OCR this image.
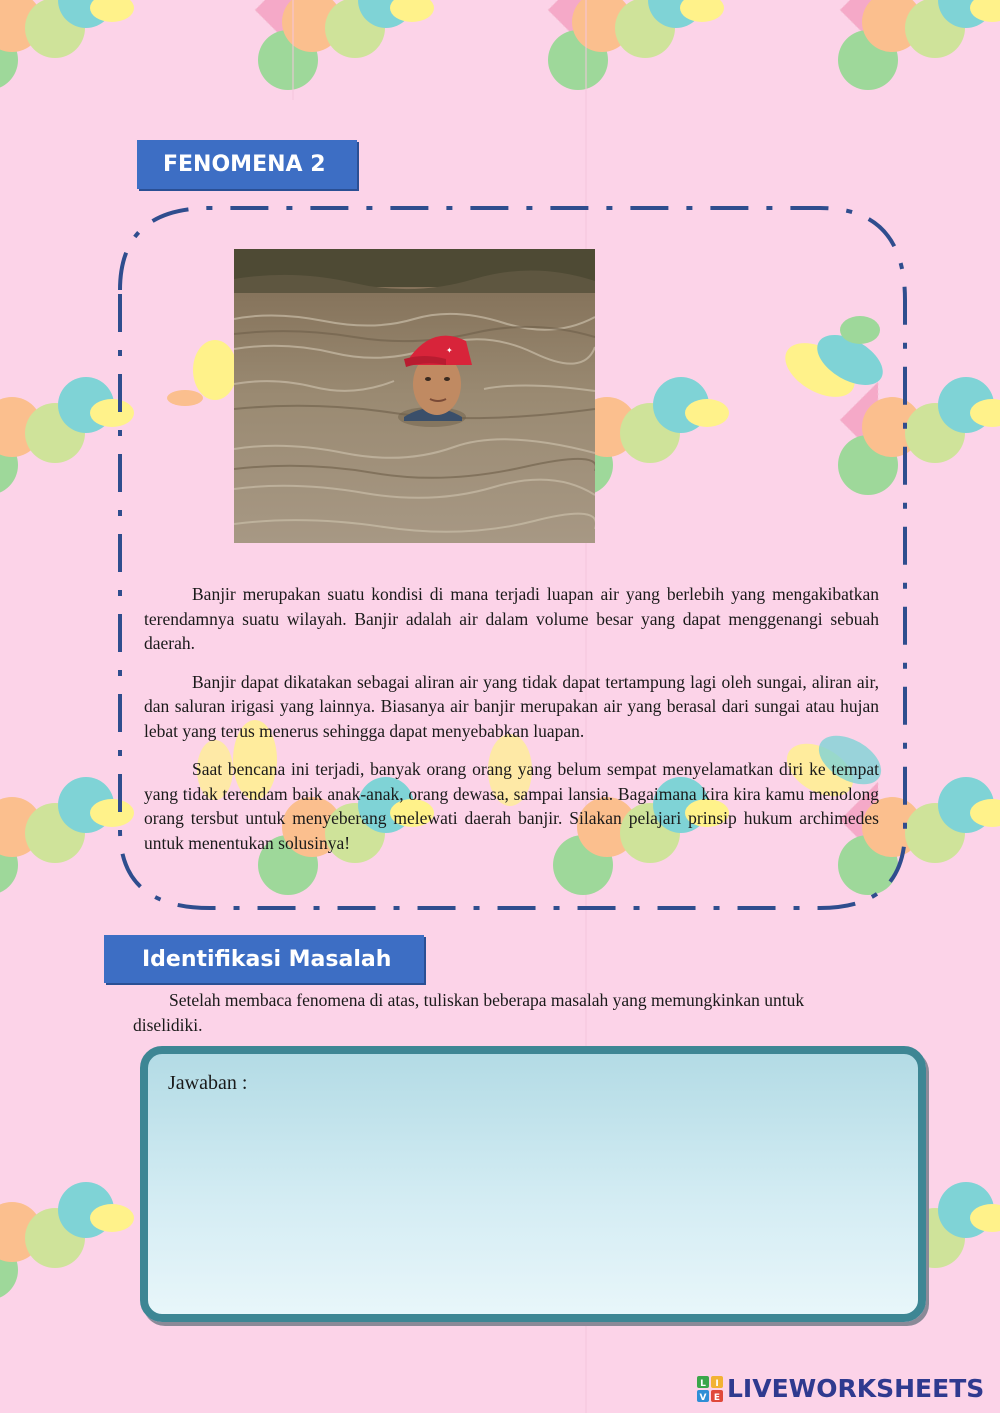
FENOMENA 2
✦

Banjir merupakan suatu kondisi di mana terjadi luapan air yang berlebih yang mengakibatkan terendamnya suatu wilayah. Banjir adalah air dalam volume besar yang dapat menggenangi sebuah daerah.

Banjir dapat dikatakan sebagai aliran air yang tidak dapat tertampung lagi oleh sungai, aliran air, dan saluran irigasi yang lainnya. Biasanya air banjir merupakan air yang berasal dari sungai atau hujan lebat yang terus menerus sehingga dapat menyebabkan luapan.

Saat bencana ini terjadi, banyak orang orang yang belum sempat menyelamatkan diri ke tempat yang tidak terendam baik anak-anak, orang dewasa, sampai lansia. Bagaimana kira kira kamu menolong orang tersbut untuk menyeberang melewati daerah banjir. Silakan pelajari prinsip hukum archimedes untuk menentukan solusinya!

Identifikasi Masalah
Setelah membaca fenomena di atas, tuliskan beberapa masalah yang memungkinkan untuk diselidiki.
Jawaban :
L I
V E LIVEWORKSHEETS
